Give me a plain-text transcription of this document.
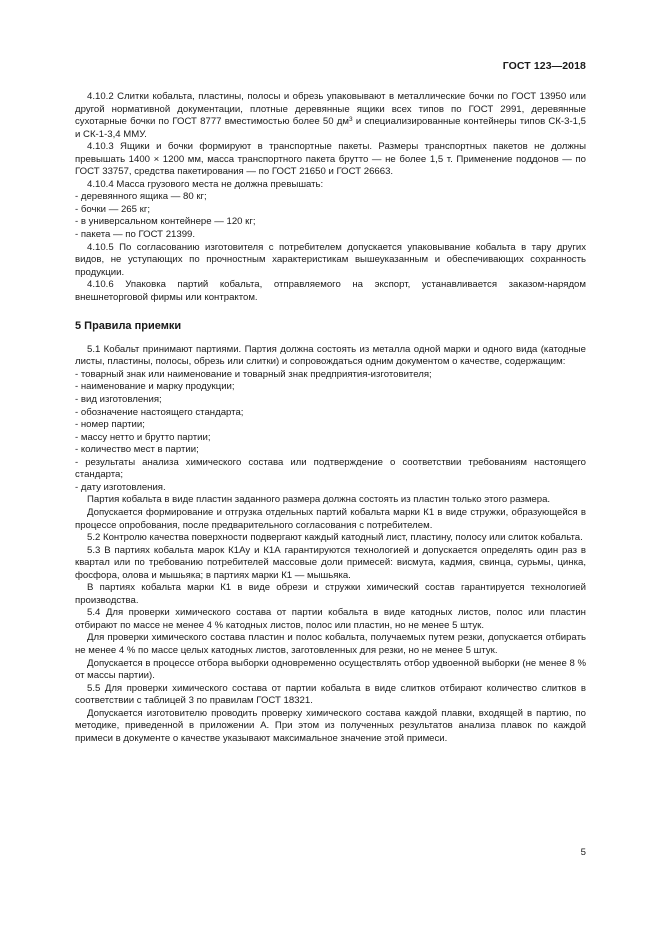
ГОСТ 123—2018

4.10.2 Слитки кобальта, пластины, полосы и обрезь упаковывают в металлические бочки по ГОСТ 13950 или другой нормативной документации, плотные деревянные ящики всех типов по ГОСТ 2991, деревянные сухотарные бочки по ГОСТ 8777 вместимостью более 50 $дм^3$ и специализированные контейнеры типов СК-3-1,5 и СК-1-3,4 ММУ.

4.10.3 Ящики и бочки формируют в транспортные пакеты. Размеры транспортных пакетов не должны превышать 1400 × 1200 мм, масса транспортного пакета брутто — не более 1,5 т. Применение поддонов — по ГОСТ 33757, средства пакетирования — по ГОСТ 21650 и ГОСТ 26663.

4.10.4 Масса грузового места не должна превышать:

- деревянного ящика — 80 кг;

- бочки — 265 кг;

- в универсальном контейнере — 120 кг;

- пакета — по ГОСТ 21399.

4.10.5 По согласованию изготовителя с потребителем допускается упаковывание кобальта в тару других видов, не уступающих по прочностным характеристикам вышеуказанным и обеспечивающих сохранность продукции.

4.10.6 Упаковка партий кобальта, отправляемого на экспорт, устанавливается заказом-нарядом внешнеторговой фирмы или контрактом.

5 Правила приемки

5.1 Кобальт принимают партиями. Партия должна состоять из металла одной марки и одного вида (катодные листы, пластины, полосы, обрезь или слитки) и сопровождаться одним документом о качестве, содержащим:

- товарный знак или наименование и товарный знак предприятия-изготовителя;

- наименование и марку продукции;

- вид изготовления;

- обозначение настоящего стандарта;

- номер партии;

- массу нетто и брутто партии;

- количество мест в партии;

- результаты анализа химического состава или подтверждение о соответствии требованиям настоящего стандарта;

- дату изготовления.

Партия кобальта в виде пластин заданного размера должна состоять из пластин только этого размера.

Допускается формирование и отгрузка отдельных партий кобальта марки К1 в виде стружки, образующейся в процессе опробования, после предварительного согласования с потребителем.

5.2 Контролю качества поверхности подвергают каждый катодный лист, пластину, полосу или слиток кобальта.

5.3 В партиях кобальта марок К1Ау и К1А гарантируются технологией и допускается определять один раз в квартал или по требованию потребителей массовые доли примесей: висмута, кадмия, свинца, сурьмы, цинка, фосфора, олова и мышьяка; в партиях марки К1 — мышьяка.

В партиях кобальта марки К1 в виде обрези и стружки химический состав гарантируется технологией производства.

5.4 Для проверки химического состава от партии кобальта в виде катодных листов, полос или пластин отбирают по массе не менее 4 % катодных листов, полос или пластин, но не менее 5 штук.

Для проверки химического состава пластин и полос кобальта, получаемых путем резки, допускается отбирать не менее 4 % по массе целых катодных листов, заготовленных для резки, но не менее 5 штук.

Допускается в процессе отбора выборки одновременно осуществлять отбор удвоенной выборки (не менее 8 % от массы партии).

5.5 Для проверки химического состава от партии кобальта в виде слитков отбирают количество слитков в соответствии с таблицей 3 по правилам ГОСТ 18321.

Допускается изготовителю проводить проверку химического состава каждой плавки, входящей в партию, по методике, приведенной в приложении А. При этом из полученных результатов анализа плавок по каждой примеси в документе о качестве указывают максимальное значение этой примеси.

5
